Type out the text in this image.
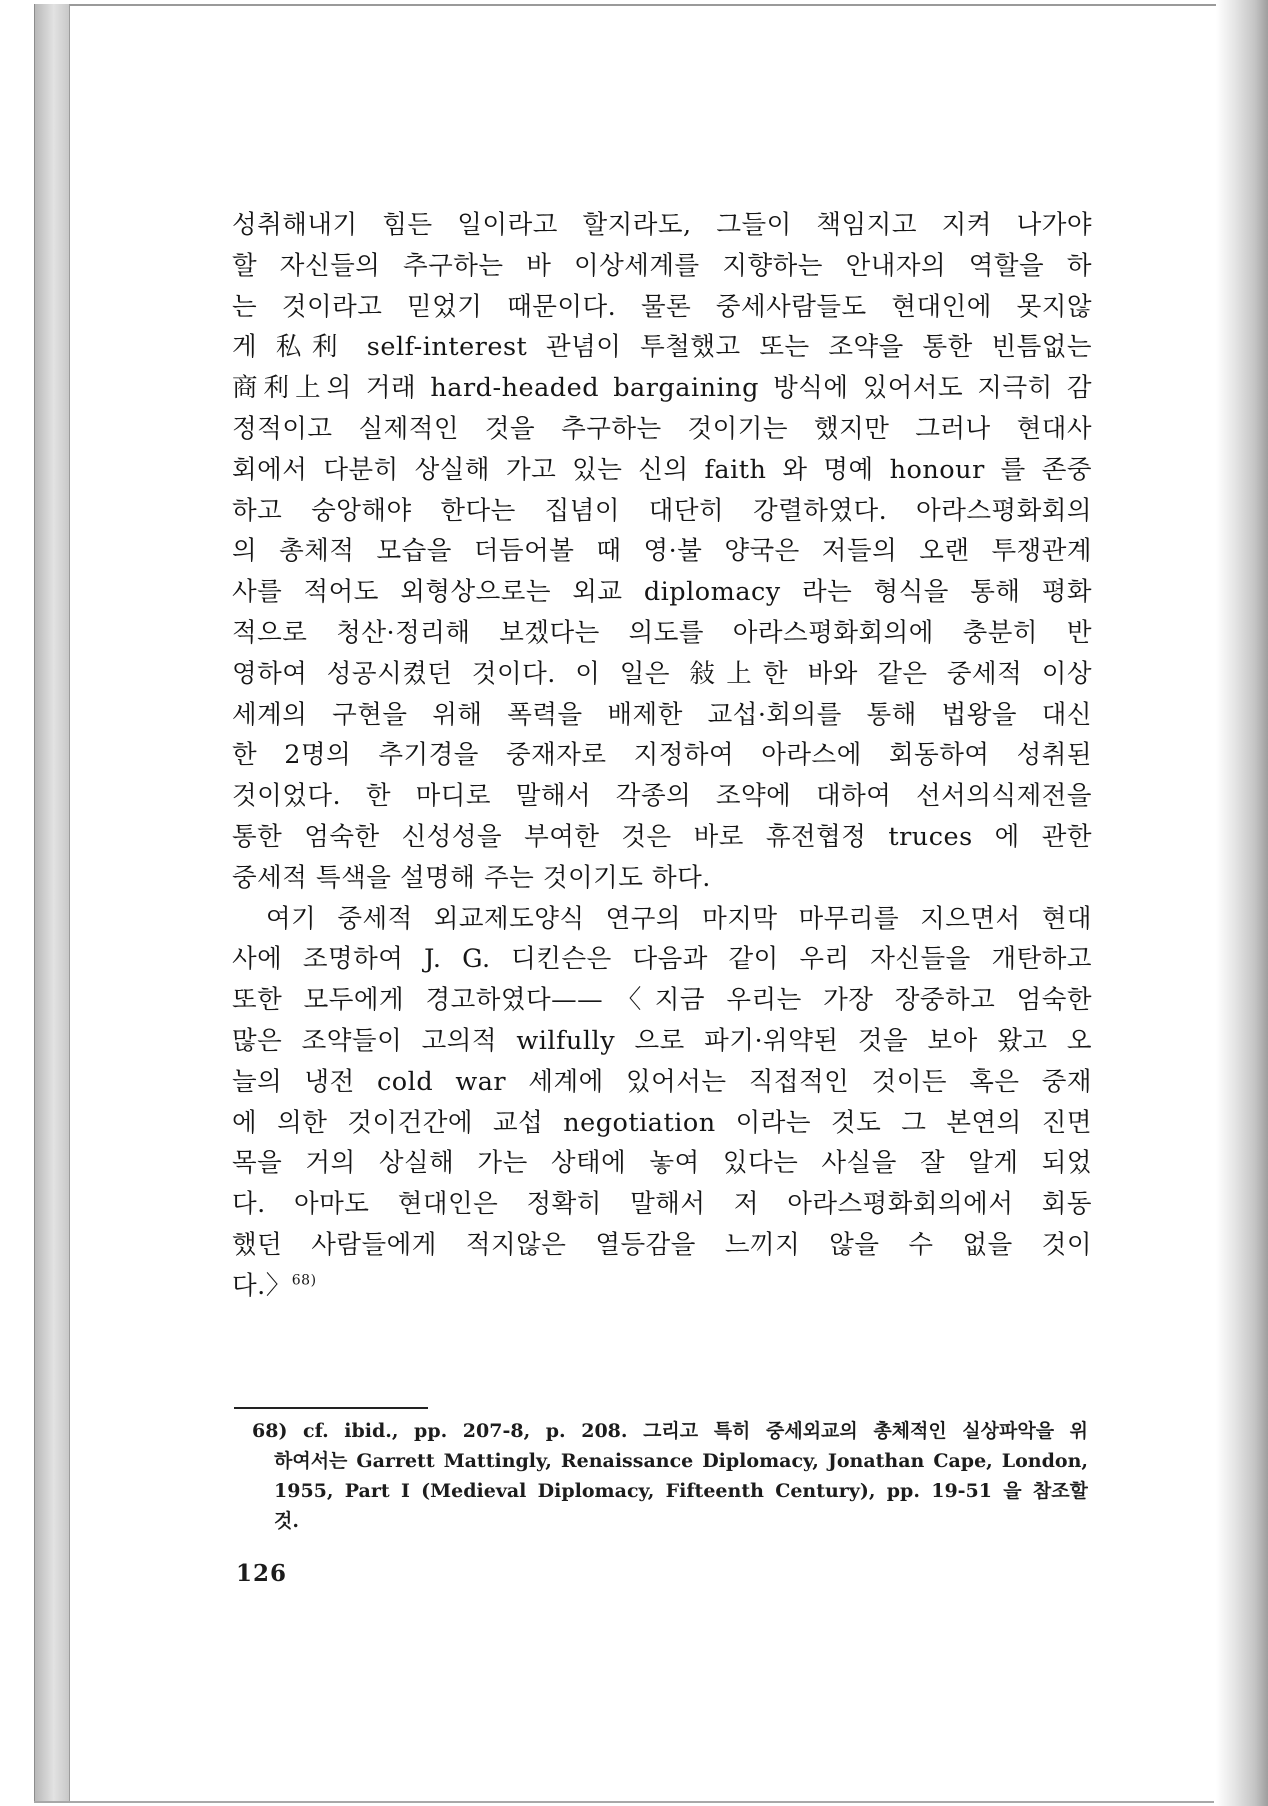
성취해내기 힘든 일이라고 할지라도, 그들이 책임지고 지켜 나가야
할 자신들의 추구하는 바 이상세계를 지향하는 안내자의 역할을 하
는 것이라고 믿었기 때문이다. 물론 중세사람들도 현대인에 못지않
게 私利 self-interest 관념이 투철했고 또는 조약을 통한 빈틈없는
商利上의 거래 hard-headed bargaining 방식에 있어서도 지극히 감
정적이고 실제적인 것을 추구하는 것이기는 했지만 그러나 현대사
회에서 다분히 상실해 가고 있는 신의 faith 와 명예 honour 를 존중
하고 숭앙해야 한다는 집념이 대단히 강렬하였다. 아라스평화회의
의 총체적 모습을 더듬어볼 때 영·불 양국은 저들의 오랜 투쟁관계
사를 적어도 외형상으로는 외교 diplomacy 라는 형식을 통해 평화
적으로 청산·정리해 보겠다는 의도를 아라스평화회의에 충분히 반
영하여 성공시켰던 것이다. 이 일은 敍上한 바와 같은 중세적 이상
세계의 구현을 위해 폭력을 배제한 교섭·회의를 통해 법왕을 대신
한 2명의 추기경을 중재자로 지정하여 아라스에 회동하여 성취된
것이었다. 한 마디로 말해서 각종의 조약에 대하여 선서의식제전을
통한 엄숙한 신성성을 부여한 것은 바로 휴전협정 truces 에 관한
중세적 특색을 설명해 주는 것이기도 하다.
여기 중세적 외교제도양식 연구의 마지막 마무리를 지으면서 현대
사에 조명하여 J. G. 디킨슨은 다음과 같이 우리 자신들을 개탄하고
또한 모두에게 경고하였다——〈지금 우리는 가장 장중하고 엄숙한
많은 조약들이 고의적 wilfully 으로 파기·위약된 것을 보아 왔고 오
늘의 냉전 cold war 세계에 있어서는 직접적인 것이든 혹은 중재
에 의한 것이건간에 교섭 negotiation 이라는 것도 그 본연의 진면
목을 거의 상실해 가는 상태에 놓여 있다는 사실을 잘 알게 되었
다. 아마도 현대인은 정확히 말해서 저 아라스평화회의에서 회동
했던 사람들에게 적지않은 열등감을 느끼지 않을 수 없을 것이
다.〉$^{68)}$
68) cf. ibid., pp. 207-8, p. 208. 그리고 특히 중세외교의 총체적인 실상파악을 위
하여서는 Garrett Mattingly, Renaissance Diplomacy, Jonathan Cape, London,
1955, Part I (Medieval Diplomacy, Fifteenth Century), pp. 19-51 을 참조할
것.
126
